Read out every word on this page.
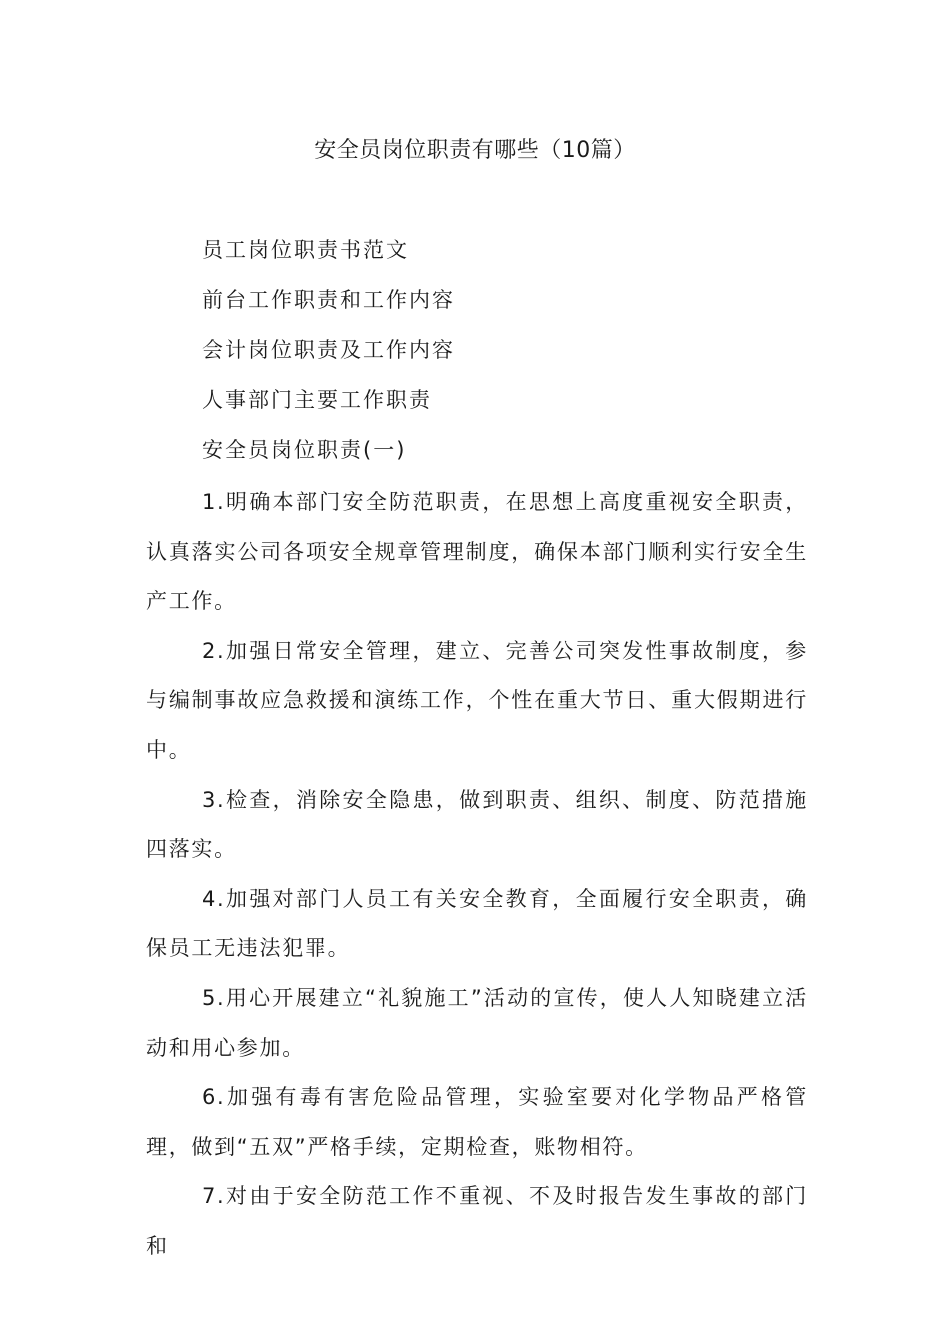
安全员岗位职责有哪些（10篇）
员工岗位职责书范文
前台工作职责和工作内容
会计岗位职责及工作内容
人事部门主要工作职责
安全员岗位职责(一)

1.明确本部门安全防范职责，在思想上高度重视安全职责，认真落实公司各项安全规章管理制度，确保本部门顺利实行安全生产工作。

2.加强日常安全管理，建立、完善公司突发性事故制度，参与编制事故应急救援和演练工作，个性在重大节日、重大假期进行中。

3.检查，消除安全隐患，做到职责、组织、制度、防范措施四落实。

4.加强对部门人员工有关安全教育，全面履行安全职责，确保员工无违法犯罪。

5.用心开展建立“礼貌施工”活动的宣传，使人人知晓建立活动和用心参加。

6.加强有毒有害危险品管理，实验室要对化学物品严格管理，做到“五双”严格手续，定期检查，账物相符。

7.对由于安全防范工作不重视、不及时报告发生事故的部门和
